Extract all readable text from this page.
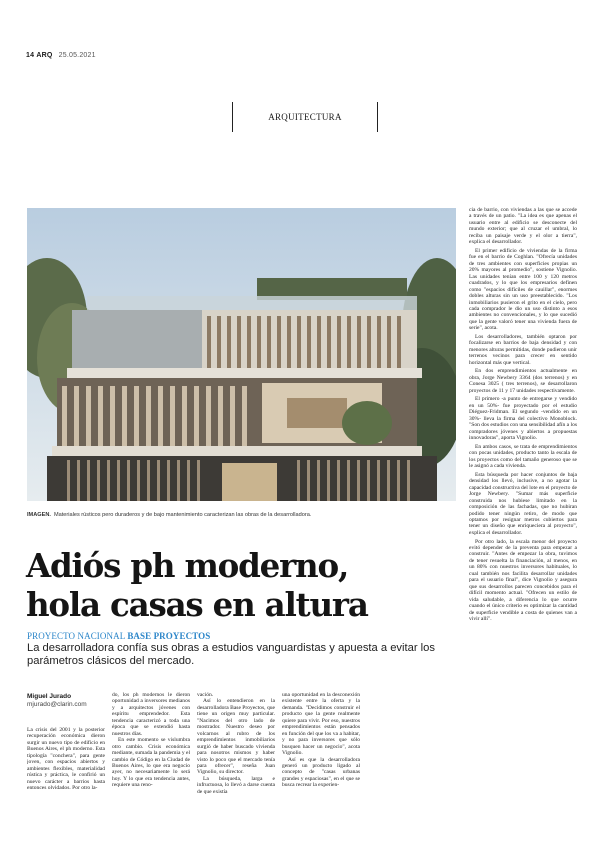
14 ARQ 25.05.2021
ARQUITECTURA
IMAGEN. Materiales rústicos pero duraderos y de bajo mantenimiento caracterizan las obras de la desarrolladora.
Adiós ph moderno,
hola casas en altura
PROYECTO NACIONAL BASE PROYECTOS
La desarrolladora confía sus obras a estudios vanguardistas y apuesta a evitar los parámetros clásicos del mercado.
Miguel Jurado
mjurado@clarin.com

La crisis del 2001 y la posterior recuperación económica dieron surgir un nuevo tipo de edificio en Buenos Aires, el ph moderno. Esta tipología "conchera", para gente joven, con espacios abiertos y ambientes flexibles, materialidad rústica y práctica, le confirió un nuevo carácter a barrios hasta entonces olvidados. Por otro la-

do, los ph modernos le dieron oportunidad a inversores medianos y a arquitectos jóvenes con espíritu emprendedor. Esta tendencia caracterizó a toda una época que se extendió hasta nuestros días.

En este momento se vislumbra otro cambio. Crisis económica mediante, sumada la pandemia y el cambio de Código en la Ciudad de Buenos Aires, lo que era negocio ayer, no necesariamente lo será hoy. Y lo que era tendencia antes, requiere una reno-

vación.

Así lo entendieron en la desarrolladora Base Proyectos, que tiene un origen muy particular. "Nacimos del otro lado de mostrador. Nuestro deseo por volcarnos al rubro de los emprendimientos inmobiliarios surgió de haber buscado vivienda para nosotros mismos y haber visto lo poco que el mercado tenía para ofrecer", reseña Juan Vignolio, su director.

La búsqueda, larga e infructuosa, lo llevó a darse cuenta de que existía

una oportunidad en la desconexión existente entre la oferta y la demanda. "Decidimos construir el producto que la gente realmente quiere para vivir. Por eso, nuestros emprendimientos están pensados en función del que los va a habitar, y no para inversores que sólo busquen hacer un negocio", acota Vignolio.

Así es que la desarrolladora generó un producto ligado al concepto de "casas urbanas grandes y espaciosas", en el que se busca recrear la experien-

cia de barrio, con viviendas a las que se accede a través de un patio. "La idea es que apenas el usuario entre al edificio se desconecte del mundo exterior; que al cruzar el umbral, lo reciba un paisaje verde y el olor a tierra", explica el desarrollador.

El primer edificio de viviendas de la firma fue en el barrio de Coghlan. "Ofrecía unidades de tres ambientes con superficies propias un 20% mayores al promedio", sostiene Vignolio. Las unidades tenían entre 100 y 120 metros cuadrados, y lo que los empresarios definen como "espacios difíciles de cauillar", enormes dobles alturas sin un uso preestablecido. "Los inmobiliarios pusieron el grito en el cielo, pero cada comprador le dio un uso distinto a esos ambientes no convencionales, y lo que sucedió que la gente valoró tener una vivienda fuera de serie", acota.

Los desarrolladores, también optaron por focalizarse en barrios de baja densidad y con menores alturas permitidas, donde pudieron unir terrenos vecinos para crecer en sentido horizontal más que vertical.

En dos emprendimientos actualmente en obra, Jorge Newbery 3364 (dos terrenos) y en Conesa 3025 ( tres terrenos), se desarrollaron proyectos de 11 y 17 unidades respectivamente.

El primero -a punto de entregarse y vendido en un 50%- fue proyectado por el estudio Diéguez-Fridman. El segundo -vendido en un 30%- lleva la firma del colectivo Monoblock. "Son dos estudios con una sensibilidad afín a los compradores jóvenes y abiertos a propuestas innovadoras", aporta Vignolio.

En ambos casos, se trata de emprendimientos con pocas unidades, producto tanto la escala de los proyectos como del tamaño generoso que se le asignó a cada vivienda.

Esta búsqueda por hacer conjuntos de baja densidad los llevó, inclusive, a no agotar la capacidad constructiva del lote en el proyecto de Jorge Newbery. "Sumar más superficie construida nos hubiese limitado en la composición de las fachadas, que no hubiran podido tener ningún retiro, de modo que optamos por resignar metros cubiertos para tener un diseño que enriqueciera al proyecto", explica el desarrollador.

Por otro lado, la escala menor del proyecto evitó depender de la preventa para empezar a construir. "Antes de empezar la obra, tuvimos de tener resuelta la financiación, al menos, en un 80% con nuestros inversores habituales, lo cual también nos facilita desarrollar unidades para el usuario final", dice Vignolio y asegura que sus desarrollos parecen concebidos para el difícil momento actual. "Ofrecen un estilo de vida saludable, a diferencia lo que ocurre cuando el único criterio es optimizar la cantidad de superficie vendible a costa de quienes van a vivir allí".
